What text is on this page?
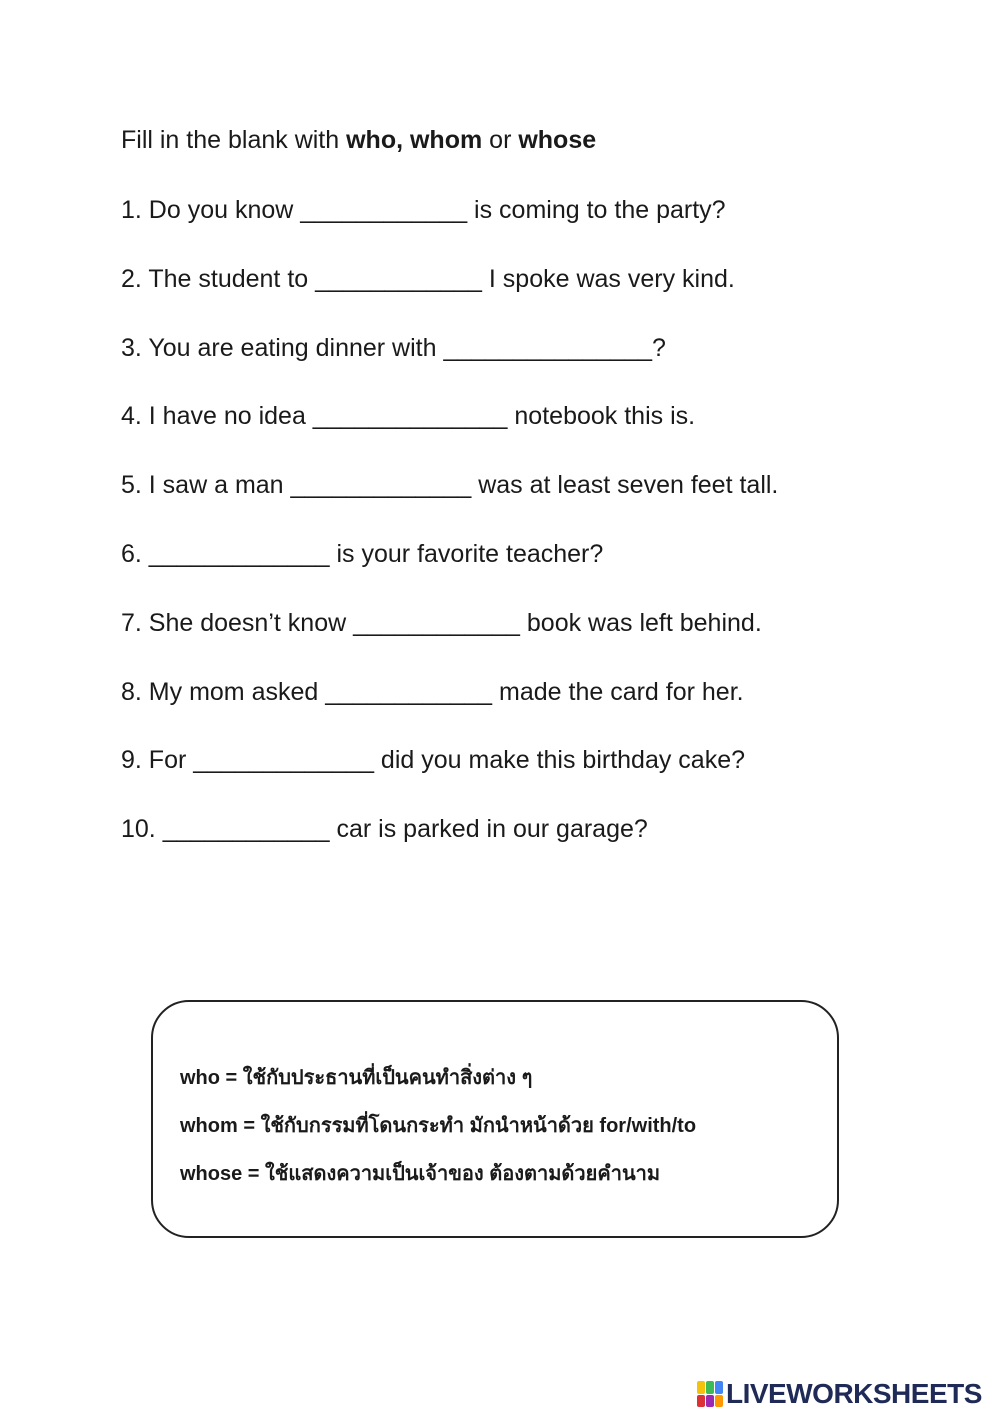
Fill in the blank with who, whom or whose
1. Do you know ____________ is coming to the party?
2. The student to ____________ I spoke was very kind.
3. You are eating dinner with _______________?
4. I have no idea ______________ notebook this is.
5. I saw a man _____________ was at least seven feet tall.
6. _____________ is your favorite teacher?
7. She doesn’t know ____________ book was left behind.
8. My mom asked ____________ made the card for her.
9. For _____________ did you make this birthday cake?
10. ____________ car is parked in our garage?
who = ใช้กับประธานที่เป็นคนทำสิ่งต่าง ๆ
whom = ใช้กับกรรมที่โดนกระทำ มักนำหน้าด้วย for/with/to
whose = ใช้แสดงความเป็นเจ้าของ ต้องตามด้วยคำนาม
LIVEWORKSHEETS
